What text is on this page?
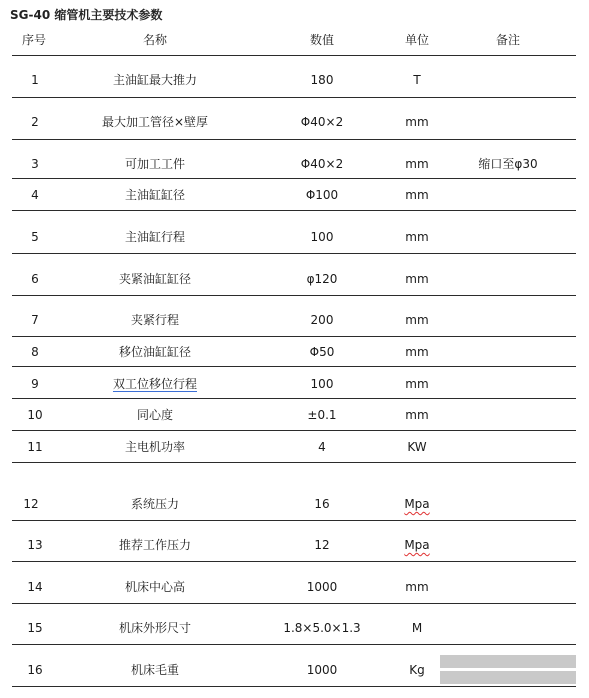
SG-40 缩管机主要技术参数
序号	名称	数值	单位	备注
1	主油缸最大推力	180	T
2	最大加工管径×壁厚	Φ40×2	mm
3	可加工工件	Φ40×2	mm	缩口至φ30
4	主油缸缸径	Φ100	mm
5	主油缸行程	100	mm
6	夹紧油缸缸径	φ120	mm
7	夹紧行程	200	mm
8	移位油缸缸径	Φ50	mm
9	双工位移位行程	100	mm
10	同心度	±0.1	mm
11	主电机功率	4	KW
12	系统压力	16	Mpa
13	推荐工作压力	12	Mpa
14	机床中心高	1000	mm
15	机床外形尺寸	1.8×5.0×1.3	M
16	机床毛重	1000	Kg
